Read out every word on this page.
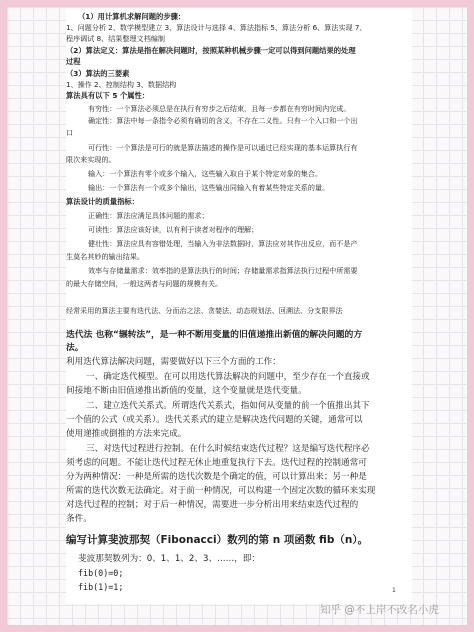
（1）用计算机求解问题的步骤：
1、问题分析 2、数学模型建立 3、算法设计与选择 4、算法指标 5、算法分析 6、算法实现 7、
程序调试 8、结果整理文档编制
（2）算法定义：算法是指在解决问题时，按照某种机械步骤一定可以得到问题结果的处理
过程
（3）算法的三要素
1、操作 2、控制结构 3、数据结构
算法具有以下 5 个属性：
有穷性：一个算法必须总是在执行有穷步之后结束，且每一步都在有穷时间内完成。
确定性：算法中每一条指令必须有确切的含义，不存在二义性。只有一个入口和一个出
口
可行性：一个算法是可行的就是算法描述的操作是可以通过已经实现的基本运算执行有
限次来实现的。
输入：一个算法有零个或多个输入，这些输入取自于某个特定对象的集合。
输出：一个算法有一个或多个输出，这些输出同输入有着某些特定关系的量。
算法设计的质量指标：
正确性：算法应满足具体问题的需求；
可读性：算法应该好读，以有利于读者对程序的理解；
健壮性：算法应具有容错处理，当输入为非法数据时，算法应对其作出反应，而不是产
生莫名其妙的输出结果。
效率与存储量需求：效率指的是算法执行的时间；存储量需求指算法执行过程中所需要
的最大存储空间，一般这两者与问题的规模有关。
经常采用的算法主要有迭代法、分而治之法、贪婪法、动态规划法、回溯法、分支限界法
迭代法 也称“辗转法”，是一种不断用变量的旧值递推出新值的解决问题的方
法。
利用迭代算法解决问题，需要做好以下三个方面的工作：
一、确定迭代模型。在可以用迭代算法解决的问题中，至少存在一个直接或
间接地不断由旧值递推出新值的变量，这个变量就是迭代变量。
二、建立迭代关系式。所谓迭代关系式，指如何从变量的前一个值推出其下
一个值的公式（或关系）。迭代关系式的建立是解决迭代问题的关键，通常可以
使用递推或倒推的方法来完成。
三、对迭代过程进行控制。在什么时候结束迭代过程？这是编写迭代程序必
须考虑的问题。不能让迭代过程无休止地重复执行下去。迭代过程的控制通常可
分为两种情况：一种是所需的迭代次数是个确定的值，可以计算出来；另一种是
所需的迭代次数无法确定。对于前一种情况，可以构建一个固定次数的循环来实现
对迭代过程的控制；对于后一种情况，需要进一步分析出用来结束迭代过程的
条件。
编写计算斐波那契（Fibonacci）数列的第 n 项函数 fib（n）。
斐波那契数列为：0、1、1、2、3、……，即：
fib(0)=0;
fib(1)=1;	1
知乎 @不上岸不改名小虎
